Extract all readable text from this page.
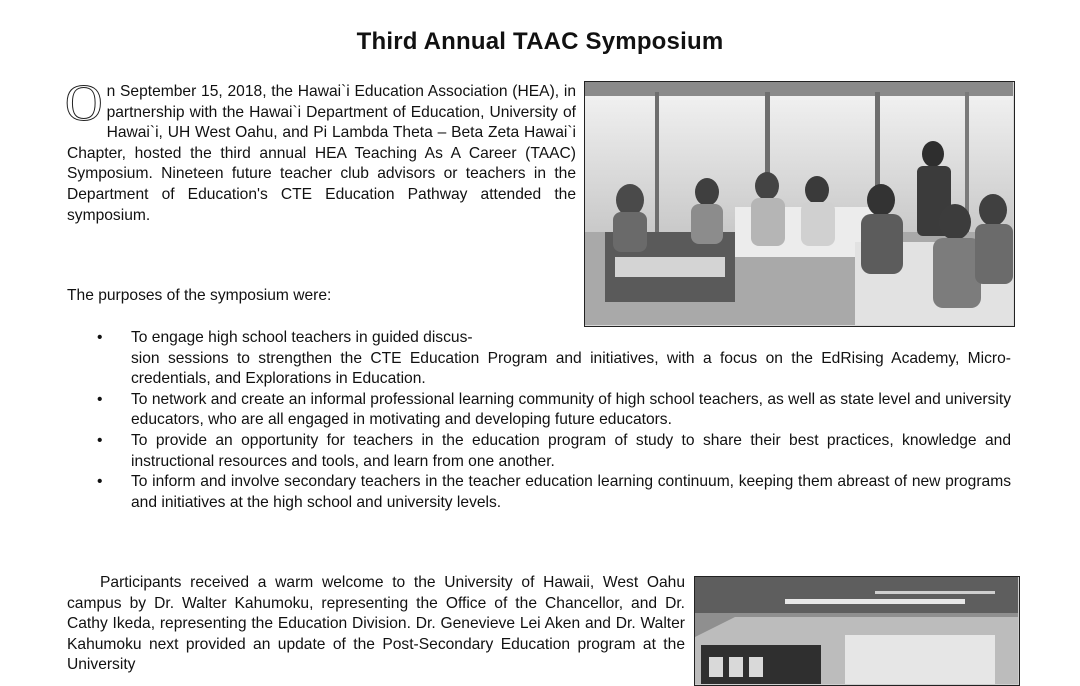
Third Annual TAAC Symposium
On September 15, 2018, the Hawai`i Education Association (HEA), in partnership with the Hawai`i Department of Education, University of Hawai`i, UH West Oahu, and Pi Lambda Theta – Beta Zeta Hawai`i Chapter, hosted the third annual HEA Teaching As A Career (TAAC) Symposium. Nineteen future teacher club advisors or teachers in the Department of Education's CTE Education Pathway attended the symposium.
The purposes of the symposium were:
• To engage high school teachers in guided discus-
sion sessions to strengthen the CTE Education Program and initiatives, with a focus on the EdRising Academy, Micro-credentials, and Explorations in Education.
• To network and create an informal professional learning community of high school teachers, as well as state level and university educators, who are all engaged in motivating and developing future educators.
• To provide an opportunity for teachers in the education program of study to share their best practices, knowledge and instructional resources and tools, and learn from one another.
• To inform and involve secondary teachers in the teacher education learning continuum, keeping them abreast of new programs and initiatives at the high school and university levels.
Participants received a warm welcome to the University of Hawaii, West Oahu campus by Dr. Walter Kahumoku, representing the Office of the Chancellor, and Dr. Cathy Ikeda, representing the Education Division. Dr. Genevieve Lei Aken and Dr. Walter Kahumoku next provided an update of the Post-Secondary Education program at the University
